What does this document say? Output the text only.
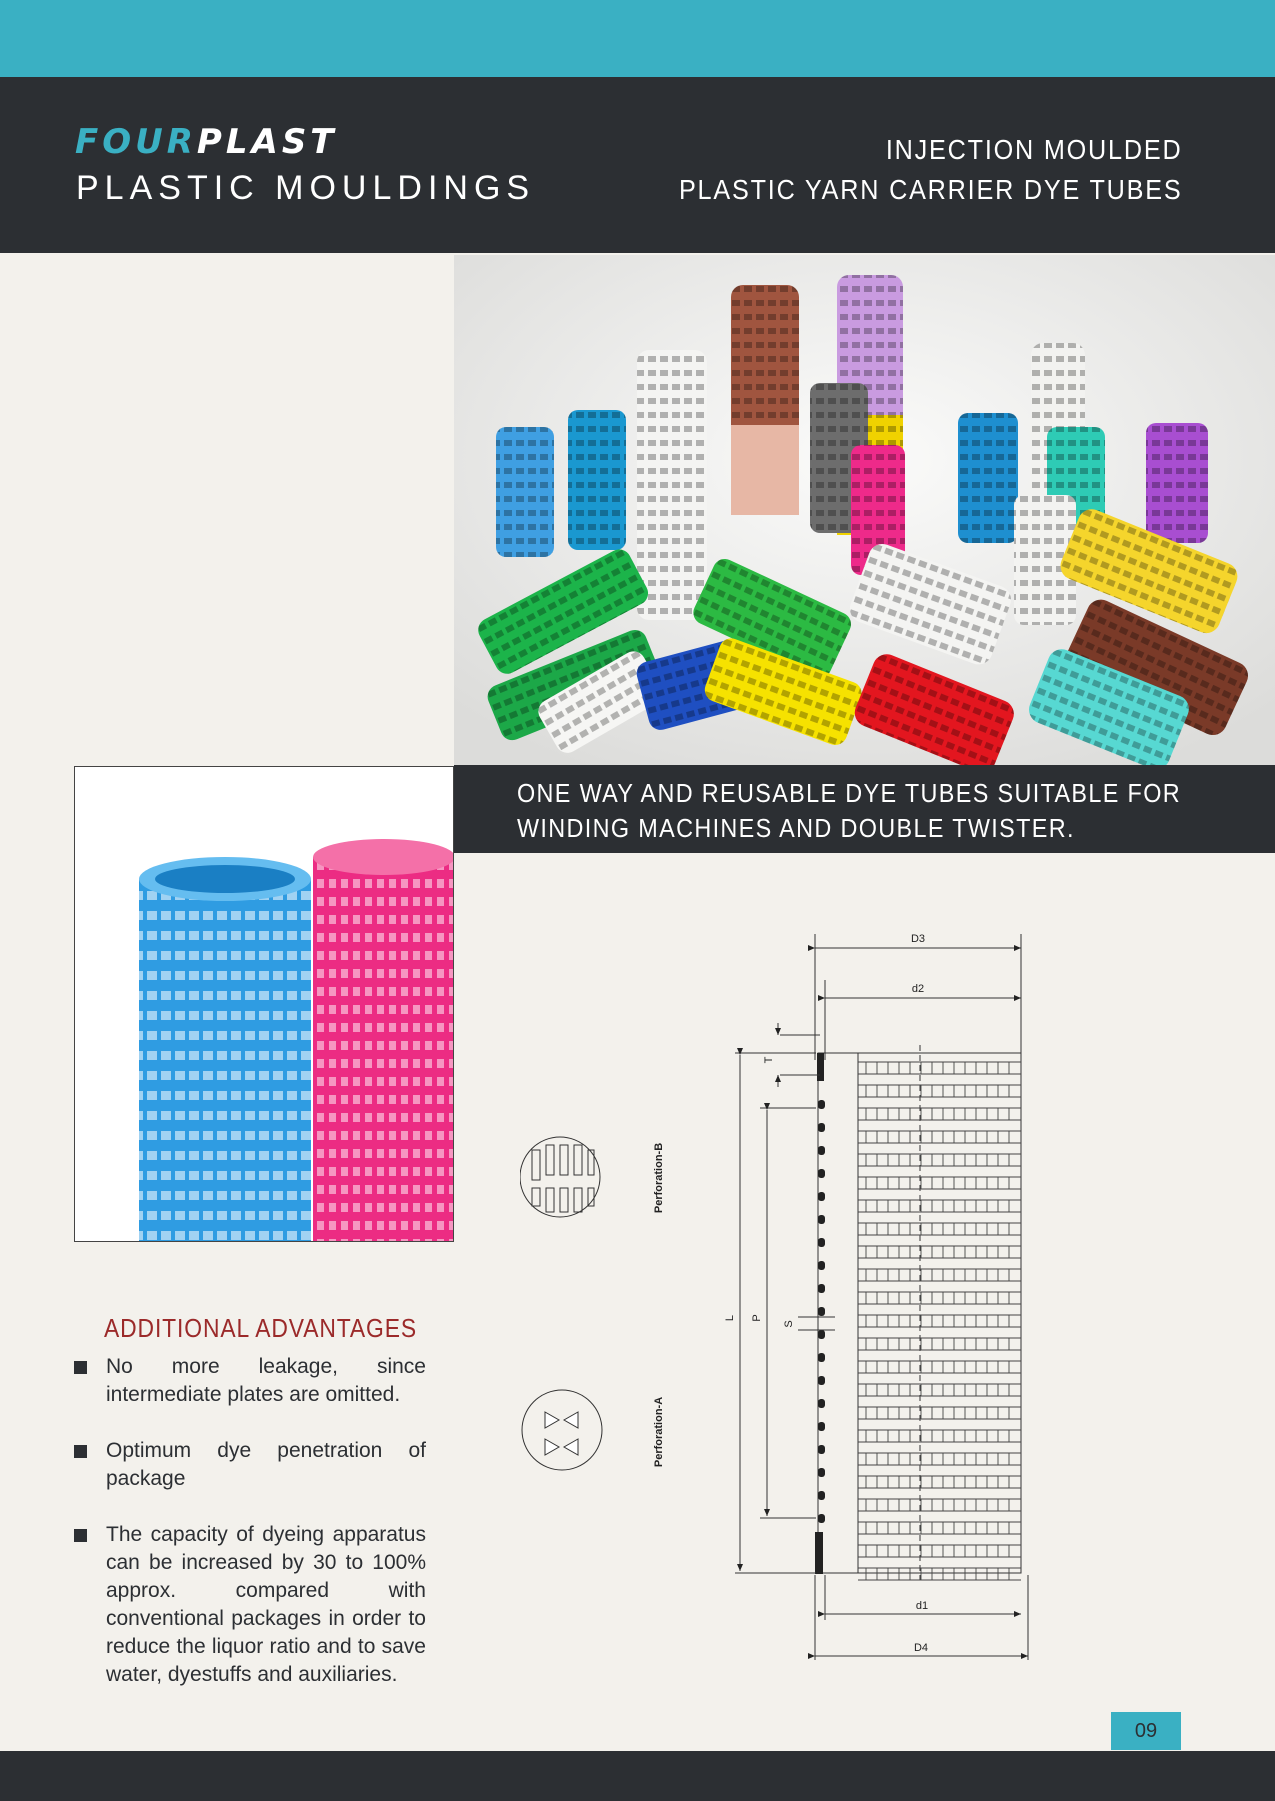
FOURPLAST
PLASTIC MOULDINGS
INJECTION MOULDED
PLASTIC YARN CARRIER DYE TUBES
ONE WAY AND REUSABLE DYE TUBES SUITABLE FOR
WINDING MACHINES AND DOUBLE TWISTER.
ADDITIONAL ADVANTAGES
No more leakage, since intermediate plates are omitted.
Optimum dye penetration of package
The capacity of dyeing apparatus can be increased by 30 to 100% approx. compared with conventional packages in order to reduce the liquor ratio and to save water, dyestuffs and auxiliaries.
D3
d2
T
S
L P
d1
D4
Perforation-B
Perforation-A
09
